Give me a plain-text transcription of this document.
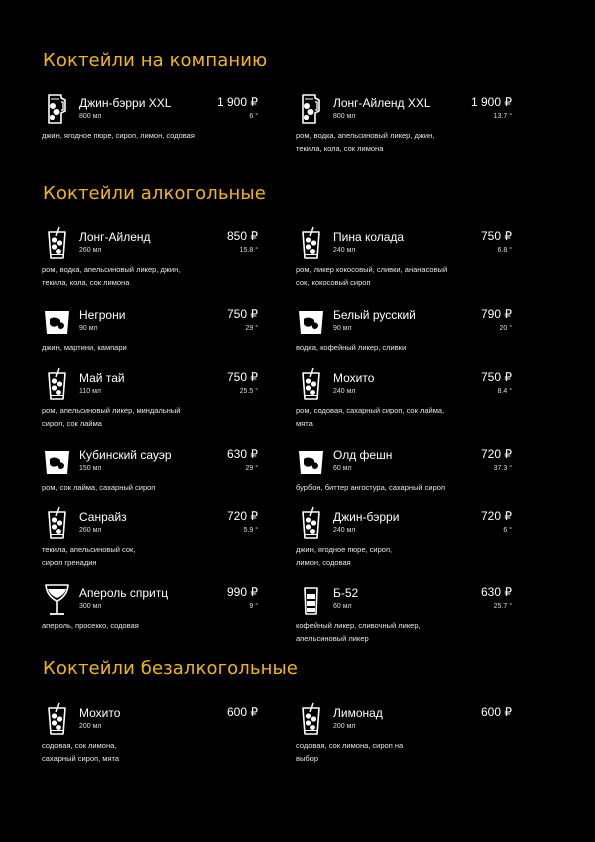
Коктейли на компанию
Коктейли алкогольные
Коктейли безалкогольные
Джин-бэрри XXL	1 900 ₽
800 мл	6 °
джин, ягодное пюре, сироп, лимон, содовая
Лонг-Айленд XXL	1 900 ₽
800 мл	13.7 °
ром, водка, апельсиновый ликер, джин, текила, кола, сок лимона
Лонг-Айленд	850 ₽
260 мл	15.8 °
ром, водка, апельсиновый ликер, джин, текила, кола, сок лимона
Пина колада	750 ₽
240 мл	6.8 °
ром, ликер кокосовый, сливки, ананасовый сок, кокосовый сироп
Негрони	750 ₽
90 мл	29 °
джин, мартини, кампари
Белый русский	790 ₽
90 мл	20 °
водка, кофейный ликер, сливки
Май тай	750 ₽
110 мл	25.5 °
ром, апельсиновый ликер, миндальный сироп, сок лайма
Мохито	750 ₽
240 мл	8.4 °
ром, содовая, сахарный сироп, сок лайма, мята
Кубинский сауэр	630 ₽
150 мл	29 °
ром, сок лайма, сахарный сироп
Олд фешн	720 ₽
60 мл	37.3 °
бурбон, биттер ангостура, сахарный сироп
Санрайз	720 ₽
260 мл	5.9 °
текила, апельсиновый сок, сироп гренадин
Джин-бэрри	720 ₽
240 мл	6 °
джин, ягодное пюре, сироп, лимон, содовая
Апероль спритц	990 ₽
300 мл	9 °
апероль, просекко, содовая
Б-52	630 ₽
60 мл	25.7 °
кофейный ликер, сливочный ликер, апельсиновый ликер
Мохито	600 ₽
200 мл
содовая, сок лимона, сахарный сироп, мята
Лимонад	600 ₽
200 мл
содовая, сок лимона, сироп на выбор
